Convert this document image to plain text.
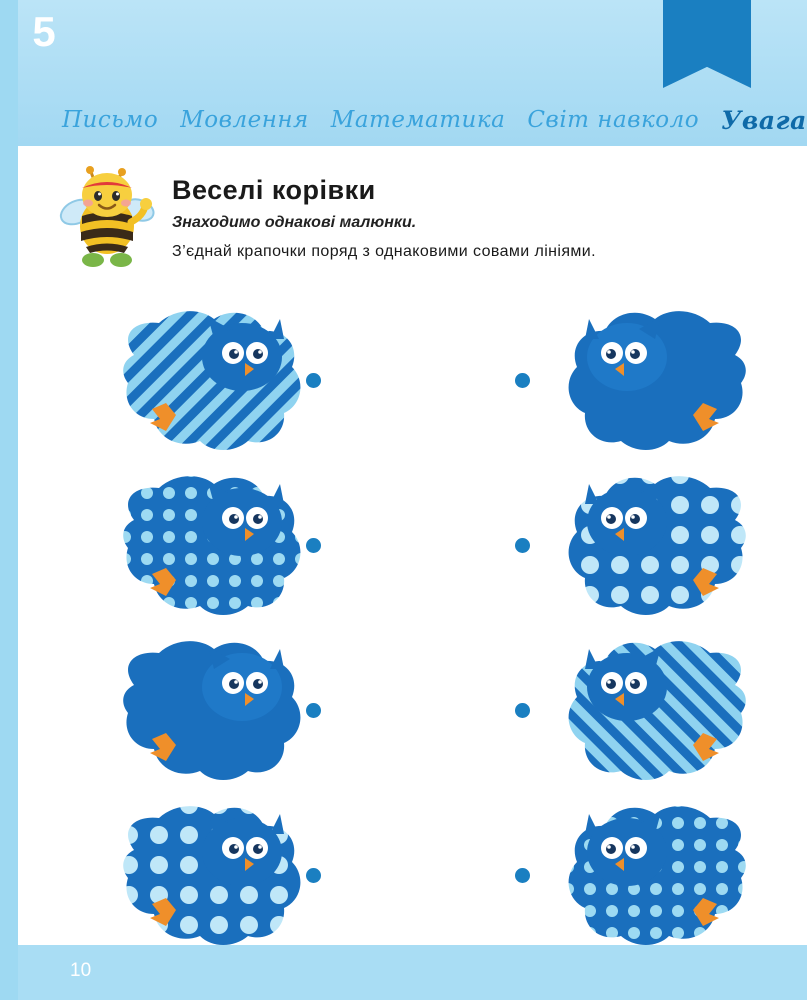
5
Письмо Мовлення Математика Світ навколо Увага
Веселі корівки
Знаходимо однакові малюнки.
З’єднай крапочки поряд з однаковими совами лініями.
10
